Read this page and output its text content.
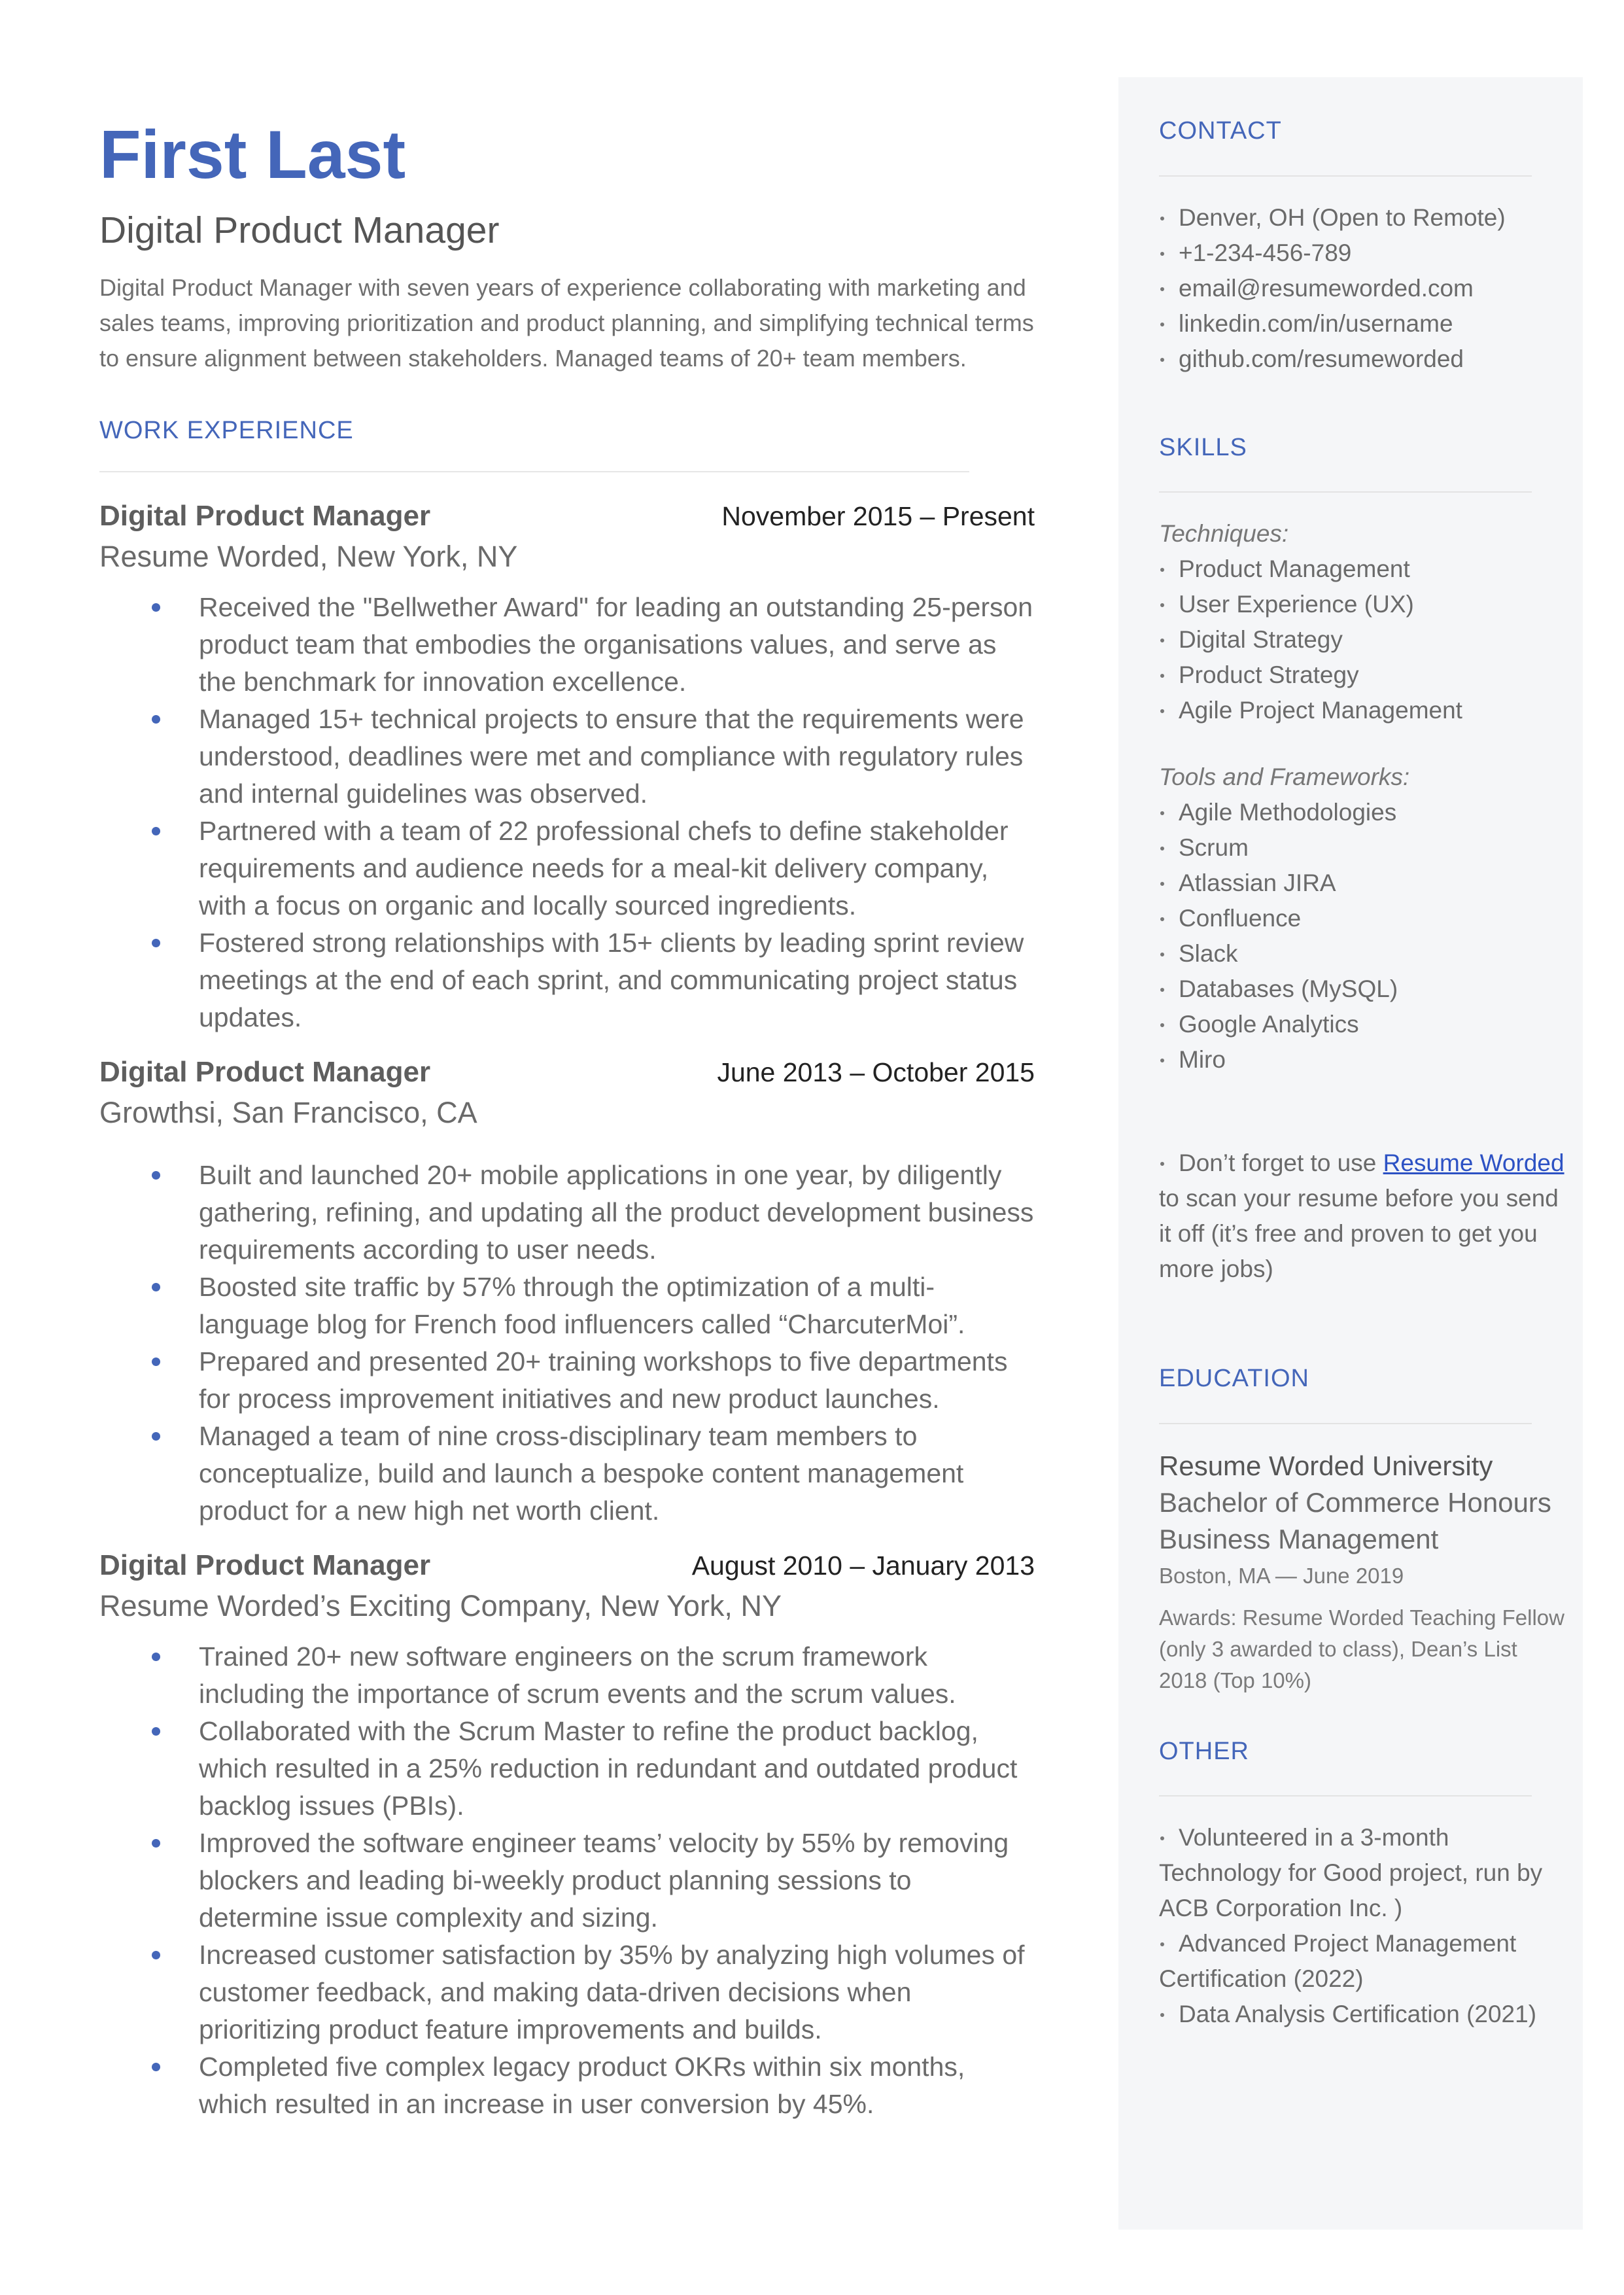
First Last
Digital Product Manager
Digital Product Manager with seven years of experience collaborating with marketing and sales teams, improving prioritization and product planning, and simplifying technical terms to ensure alignment between stakeholders. Managed teams of 20+ team members.
WORK EXPERIENCE
Digital Product Manager	November 2015 – Present
Resume Worded, New York, NY
Received the "Bellwether Award" for leading an outstanding 25-person product team that embodies the organisations values, and serve as the benchmark for innovation excellence.
Managed 15+ technical projects to ensure that the requirements were understood, deadlines were met and compliance with regulatory rules and internal guidelines was observed.
Partnered with a team of 22 professional chefs to define stakeholder requirements and audience needs for a meal-kit delivery company, with a focus on organic and locally sourced ingredients.
Fostered strong relationships with 15+ clients by leading sprint review meetings at the end of each sprint, and communicating project status updates.
Digital Product Manager	June 2013 – October 2015
Growthsi, San Francisco, CA
Built and launched 20+ mobile applications in one year, by diligently gathering, refining, and updating all the product development business requirements according to user needs.
Boosted site traffic by 57% through the optimization of a multi-language blog for French food influencers called “CharcuterMoi”.
Prepared and presented 20+ training workshops to five departments for process improvement initiatives and new product launches.
Managed a team of nine cross-disciplinary team members to conceptualize, build and launch a bespoke content management product for a new high net worth client.
Digital Product Manager	August 2010 – January 2013
Resume Worded’s Exciting Company, New York, NY
Trained 20+ new software engineers on the scrum framework including the importance of scrum events and the scrum values.
Collaborated with the Scrum Master to refine the product backlog, which resulted in a 25% reduction in redundant and outdated product backlog issues (PBIs).
Improved the software engineer teams’ velocity by 55% by removing blockers and leading bi-weekly product planning sessions to determine issue complexity and sizing.
Increased customer satisfaction by 35% by analyzing high volumes of customer feedback, and making data-driven decisions when prioritizing product feature improvements and builds.
Completed five complex legacy product OKRs within six months, which resulted in an increase in user conversion by 45%.
CONTACT
Denver, OH (Open to Remote)
+1-234-456-789
email@resumeworded.com
linkedin.com/in/username
github.com/resumeworded
SKILLS
Techniques:
Product Management
User Experience (UX)
Digital Strategy
Product Strategy
Agile Project Management
Tools and Frameworks:
Agile Methodologies
Scrum
Atlassian JIRA
Confluence
Slack
Databases (MySQL)
Google Analytics
Miro
Don’t forget to use Resume Worded to scan your resume before you send it off (it’s free and proven to get you more jobs)
EDUCATION
Resume Worded University
Bachelor of Commerce Honours Business Management
Boston, MA — June 2019
Awards: Resume Worded Teaching Fellow (only 3 awarded to class), Dean’s List 2018 (Top 10%)
OTHER
Volunteered in a 3-month Technology for Good project, run by ACB Corporation Inc. )
Advanced Project Management Certification (2022)
Data Analysis Certification (2021)
